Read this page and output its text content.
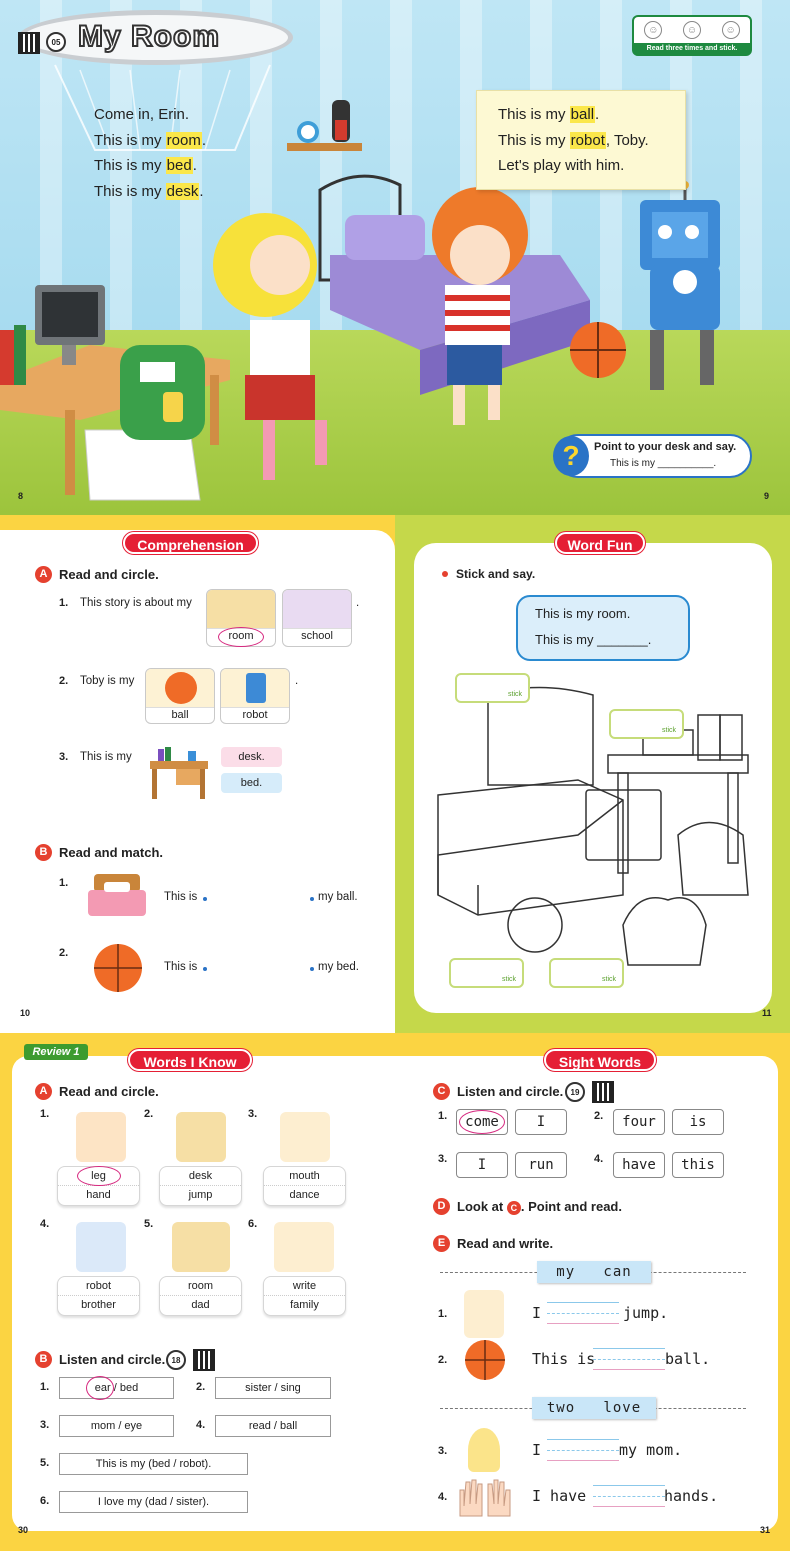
05 My Room
Come in, Erin.
This is my room.
This is my bed.
This is my desk.
This is my ball.
This is my robot, Toby.
Let's play with him.
☺	☺	☺
Read three times and stick.
Point to your desk and say.
This is my __________.
?
8	9
Comprehension
A Read and circle.
1. This story is about my
room	school
.
2. Toby is my
ball	robot
.
3. This is my	desk.
bed.
B Read and match.
1.
This is	my ball.
2.
This is	my bed.
10
Word Fun
Stick and say.
This is my room.
This is my _______.
stick
stick
stick	stick
11
Review 1
Words I Know	Sight Words
A Read and circle.
1.	2.	3.
leg
hand
desk
jump
mouth
dance
4.	5.	6.
robot
brother
room
dad
write
family
B Listen and circle. 18
1.	ear / bed	2.	sister / sing
3.	mom / eye	4.	read / ball
5.	This is my (bed / robot).
6.	I love my (dad / sister).
C Listen and circle. 19
1.	come	I	2.	four	is
3.	I	run	4.	have	this
D Look at C . Point and read.
E Read and write.
my   can
1.	I	jump.
2.	This is	ball.
two   love
3.	I	my mom.
4.	I have	hands.
30	31
